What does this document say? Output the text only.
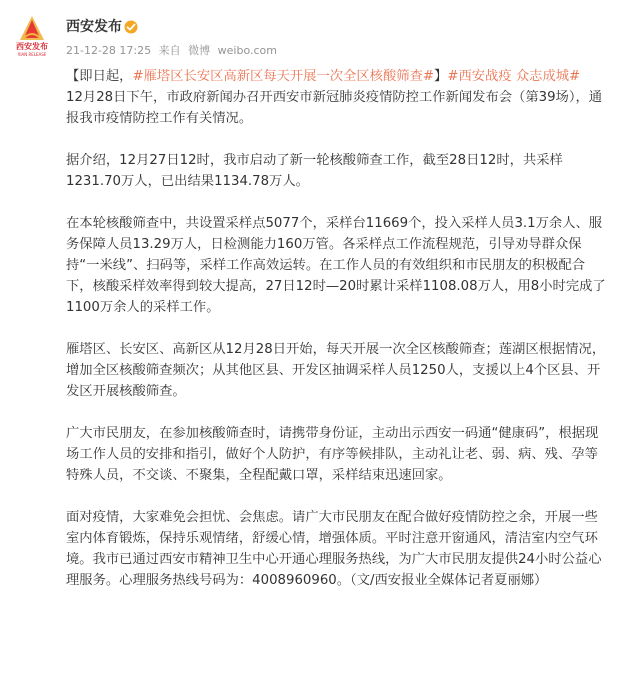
西安发布
XIAN RELEASE
西安发布
21-12-28 17:25 来自 微博 weibo.com

【即日起，#雁塔区长安区高新区每天开展一次全区核酸筛查#】#西安战疫 众志成城#

12月28日下午，市政府新闻办召开西安市新冠肺炎疫情防控工作新闻发布会（第39场），通报我市疫情防控工作有关情况。

据介绍，12月27日12时，我市启动了新一轮核酸筛查工作，截至28日12时，共采样1231.70万人，已出结果1134.78万人。

在本轮核酸筛查中，共设置采样点5077个，采样台11669个，投入采样人员3.1万余人、服务保障人员13.29万人，日检测能力160万管。各采样点工作流程规范，引导劝导群众保持“一米线”、扫码等，采样工作高效运转。在工作人员的有效组织和市民朋友的积极配合下，核酸采样效率得到较大提高，27日12时—20时累计采样1108.08万人，用8小时完成了1100万余人的采样工作。

雁塔区、长安区、高新区从12月28日开始，每天开展一次全区核酸筛查；莲湖区根据情况，增加全区核酸筛查频次；从其他区县、开发区抽调采样人员1250人，支援以上4个区县、开发区开展核酸筛查。

广大市民朋友，在参加核酸筛查时，请携带身份证，主动出示西安一码通“健康码”，根据现场工作人员的安排和指引，做好个人防护，有序等候排队，主动礼让老、弱、病、残、孕等特殊人员，不交谈、不聚集，全程配戴口罩，采样结束迅速回家。

面对疫情，大家难免会担忧、会焦虑。请广大市民朋友在配合做好疫情防控之余，开展一些室内体育锻炼，保持乐观情绪，舒缓心情，增强体质。平时注意开窗通风，清洁室内空气环境。我市已通过西安市精神卫生中心开通心理服务热线，为广大市民朋友提供24小时公益心理服务。心理服务热线号码为：4008960960。（文/西安报业全媒体记者夏丽娜）
